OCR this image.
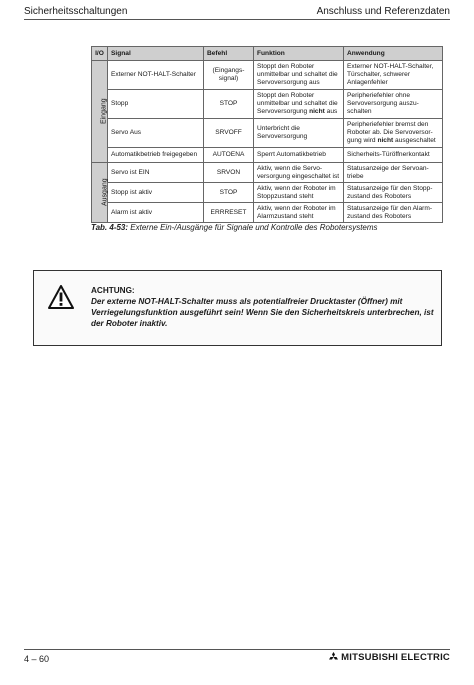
Sicherheitsschaltungen	Anschluss und Referenzdaten
I/O	Signal	Befehl	Funktion	Anwendung
Eingang	Externer NOT-HALT-Schalter	(Eingangs-signal)	Stoppt den Roboter unmittelbar und schaltet die Servoversorgung aus	Externer NOT-HALT-Schalter, Türschalter, schwerer Anlagenfehler
	Stopp	STOP	Stoppt den Roboter unmittelbar und schaltet die Servoversorgung nicht aus	Peripheriefehler ohne Servoversorgung auszu-schalten
	Servo Aus	SRVOFF	Unterbricht die Servoversorgung	Peripheriefehler bremst den Roboter ab. Die Servoversor-gung wird nicht ausgeschaltet
	Automatikbetrieb freigegeben	AUTOENA	Sperrt Automatikbetrieb	Sicherheits-Türöffnerkontakt
Ausgang	Servo ist EIN	SRVON	Aktiv, wenn die Servo-versorgung eingeschaltet ist	Statusanzeige der Servoan-triebe
	Stopp ist aktiv	STOP	Aktiv, wenn der Roboter im Stoppzustand steht	Statusanzeige für den Stopp-zustand des Roboters
	Alarm ist aktiv	ERRRESET	Aktiv, wenn der Roboter im Alarmzustand steht	Statusanzeige für den Alarm-zustand des Roboters
Tab. 4-53: Externe Ein-/Ausgänge für Signale und Kontrolle des Robotersystems
ACHTUNG:
Der externe NOT-HALT-Schalter muss als potentialfreier Drucktaster (Öffner) mit Verriegelungsfunktion ausgeführt sein! Wenn Sie den Sicherheitskreis unterbrechen, ist der Roboter inaktiv.
4 – 60	MITSUBISHI ELECTRIC
